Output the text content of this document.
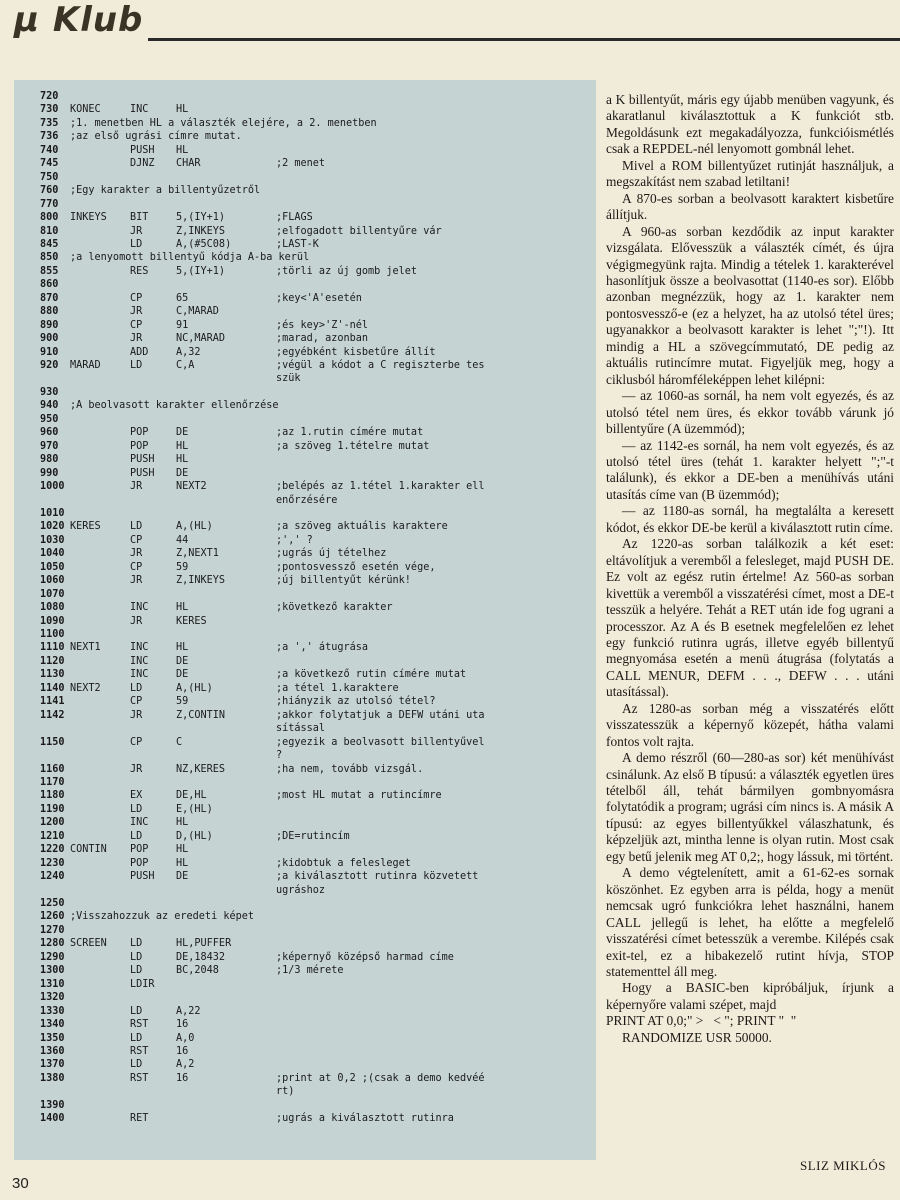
µ Klub
720
730 KONEC	INC	HL
735 ;1. menetben HL a választék elejére, a 2. menetben
736 ;az első ugrási címre mutat.
740	PUSH HL
745	DJNZ CHAR	;2 menet
750
760 ;Egy karakter a billentyűzetről
770
800 INKEYS BIT	5,(IY+1)	;FLAGS
810	JR	Z,INKEYS	;elfogadott billentyűre vár
845	LD	A,(#5C08)	;LAST-K
850 ;a lenyomott billentyű kódja A-ba kerül
855	RES	5,(IY+1)	;törli az új gomb jelet
860
870	CP	65	;key<'A'esetén
880	JR	C,MARAD
890	CP	91	;és key>'Z'-nél
900	JR	NC,MARAD	;marad, azonban
910	ADD	A,32	;egyébként kisbetűre állít
920 MARAD	LD	C,A	;végül a kódot a C regiszterbe tes
szük
930
940 ;A beolvasott karakter ellenőrzése
950
960	POP	DE	;az 1.rutin címére mutat
970	POP	HL	;a szöveg 1.tételre mutat
980	PUSH HL
990	PUSH DE
1000	JR	NEXT2	;belépés az 1.tétel 1.karakter ell
enőrzésére
1010
1020 KERES	LD	A,(HL)	;a szöveg aktuális karaktere
1030	CP	44	;',' ?
1040	JR	Z,NEXT1	;ugrás új tételhez
1050	CP	59	;pontosvessző esetén vége,
1060	JR	Z,INKEYS	;új billentyűt kérünk!
1070
1080	INC	HL	;következő karakter
1090	JR	KERES
1100
1110 NEXT1	INC	HL	;a ',' átugrása
1120	INC	DE
1130	INC	DE	;a következő rutin címére mutat
1140 NEXT2	LD	A,(HL)	;a tétel 1.karaktere
1141	CP	59	;hiányzik az utolsó tétel?
1142	JR	Z,CONTIN	;akkor folytatjuk a DEFW utáni uta
sítással
1150	CP	C	;egyezik a beolvasott billentyűvel
?
1160	JR	NZ,KERES	;ha nem, tovább vizsgál.
1170
1180	EX	DE,HL	;most HL mutat a rutincímre
1190	LD	E,(HL)
1200	INC	HL
1210	LD	D,(HL)	;DE=rutincím
1220 CONTIN POP	HL
1230	POP	HL	;kidobtuk a felesleget
1240	PUSH DE	;a kiválasztott rutinra közvetett
ugráshoz
1250
1260 ;Visszahozzuk az eredeti képet
1270
1280 SCREEN LD	HL,PUFFER
1290	LD	DE,18432	;képernyő középső harmad címe
1300	LD	BC,2048	;1/3 mérete
1310	LDIR
1320
1330	LD	A,22
1340	RST	16
1350	LD	A,0
1360	RST	16
1370	LD	A,2
1380	RST	16	;print at 0,2 ;(csak a demo kedvéé
rt)
1390
1400	RET	;ugrás a kiválasztott rutinra

a K billentyűt, máris egy újabb menüben vagyunk, és akaratlanul kiválasztottuk a K funkciót stb. Megoldásunk ezt megakadályozza, funkcióismétlés csak a REPDEL-nél lenyomott gombnál lehet.

Mivel a ROM billentyűzet rutinját használjuk, a megszakítást nem szabad letiltani!

A 870-es sorban a beolvasott karaktert kisbetűre állítjuk.

A 960-as sorban kezdődik az input karakter vizsgálata. Elővesszük a választék címét, és újra végigmegyünk rajta. Mindig a tételek 1. karakterével hasonlítjuk össze a beolvasottat (1140-es sor). Előbb azonban megnézzük, hogy az 1. karakter nem pontosvessző-e (ez a helyzet, ha az utolsó tétel üres; ugyanakkor a beolvasott karakter is lehet ";"!). Itt mindig a HL a szövegcímmutató, DE pedig az aktuális rutincímre mutat. Figyeljük meg, hogy a ciklusból háromféleképpen lehet kilépni:

— az 1060-as sornál, ha nem volt egyezés, és az utolsó tétel nem üres, és ekkor tovább várunk jó billentyűre (A üzemmód);

— az 1142-es sornál, ha nem volt egyezés, és az utolsó tétel üres (tehát 1. karakter helyett ";"-t találunk), és ekkor a DE-ben a menühívás utáni utasítás címe van (B üzemmód);

— az 1180-as sornál, ha megtalálta a keresett kódot, és ekkor DE-be kerül a kiválasztott rutin címe.

Az 1220-as sorban találkozik a két eset: eltávolítjuk a veremből a felesleget, majd PUSH DE. Ez volt az egész rutin értelme! Az 560-as sorban kivettük a veremből a visszatérési címet, most a DE-t tesszük a helyére. Tehát a RET után ide fog ugrani a processzor. Az A és B esetnek megfelelően ez lehet egy funkció rutinra ugrás, illetve egyéb billentyű megnyomása esetén a menü átugrása (folytatás a CALL MENUR, DEFM . . ., DEFW . . . utáni utasítással).

Az 1280-as sorban még a visszatérés előtt visszatesszük a képernyő közepét, hátha valami fontos volt rajta.

A demo részről (60—280-as sor) két menühívást csinálunk. Az első B típusú: a választék egyetlen üres tételből áll, tehát bármilyen gombnyomásra folytatódik a program; ugrási cím nincs is. A másik A típusú: az egyes billentyűkkel válaszhatunk, és képzeljük azt, mintha lenne is olyan rutin. Most csak egy betű jelenik meg AT 0,2;, hogy lássuk, mi történt.

A demo végtelenített, amit a 61-62-es sornak köszönhet. Ez egyben arra is példa, hogy a menüt nemcsak ugró funkciókra lehet használni, hanem CALL jellegű is lehet, ha előtte a megfelelő visszatérési címet betesszük a verembe. Kilépés csak exit-tel, ez a hibakezelő rutint hívja, STOP statementtel áll meg.

Hogy a BASIC-ben kipróbáljuk, írjunk a képernyőre valami szépet, majd

PRINT AT 0,0;" >   < "; PRINT "  "

RANDOMIZE USR 50000.

SLIZ MIKLÓS
30
